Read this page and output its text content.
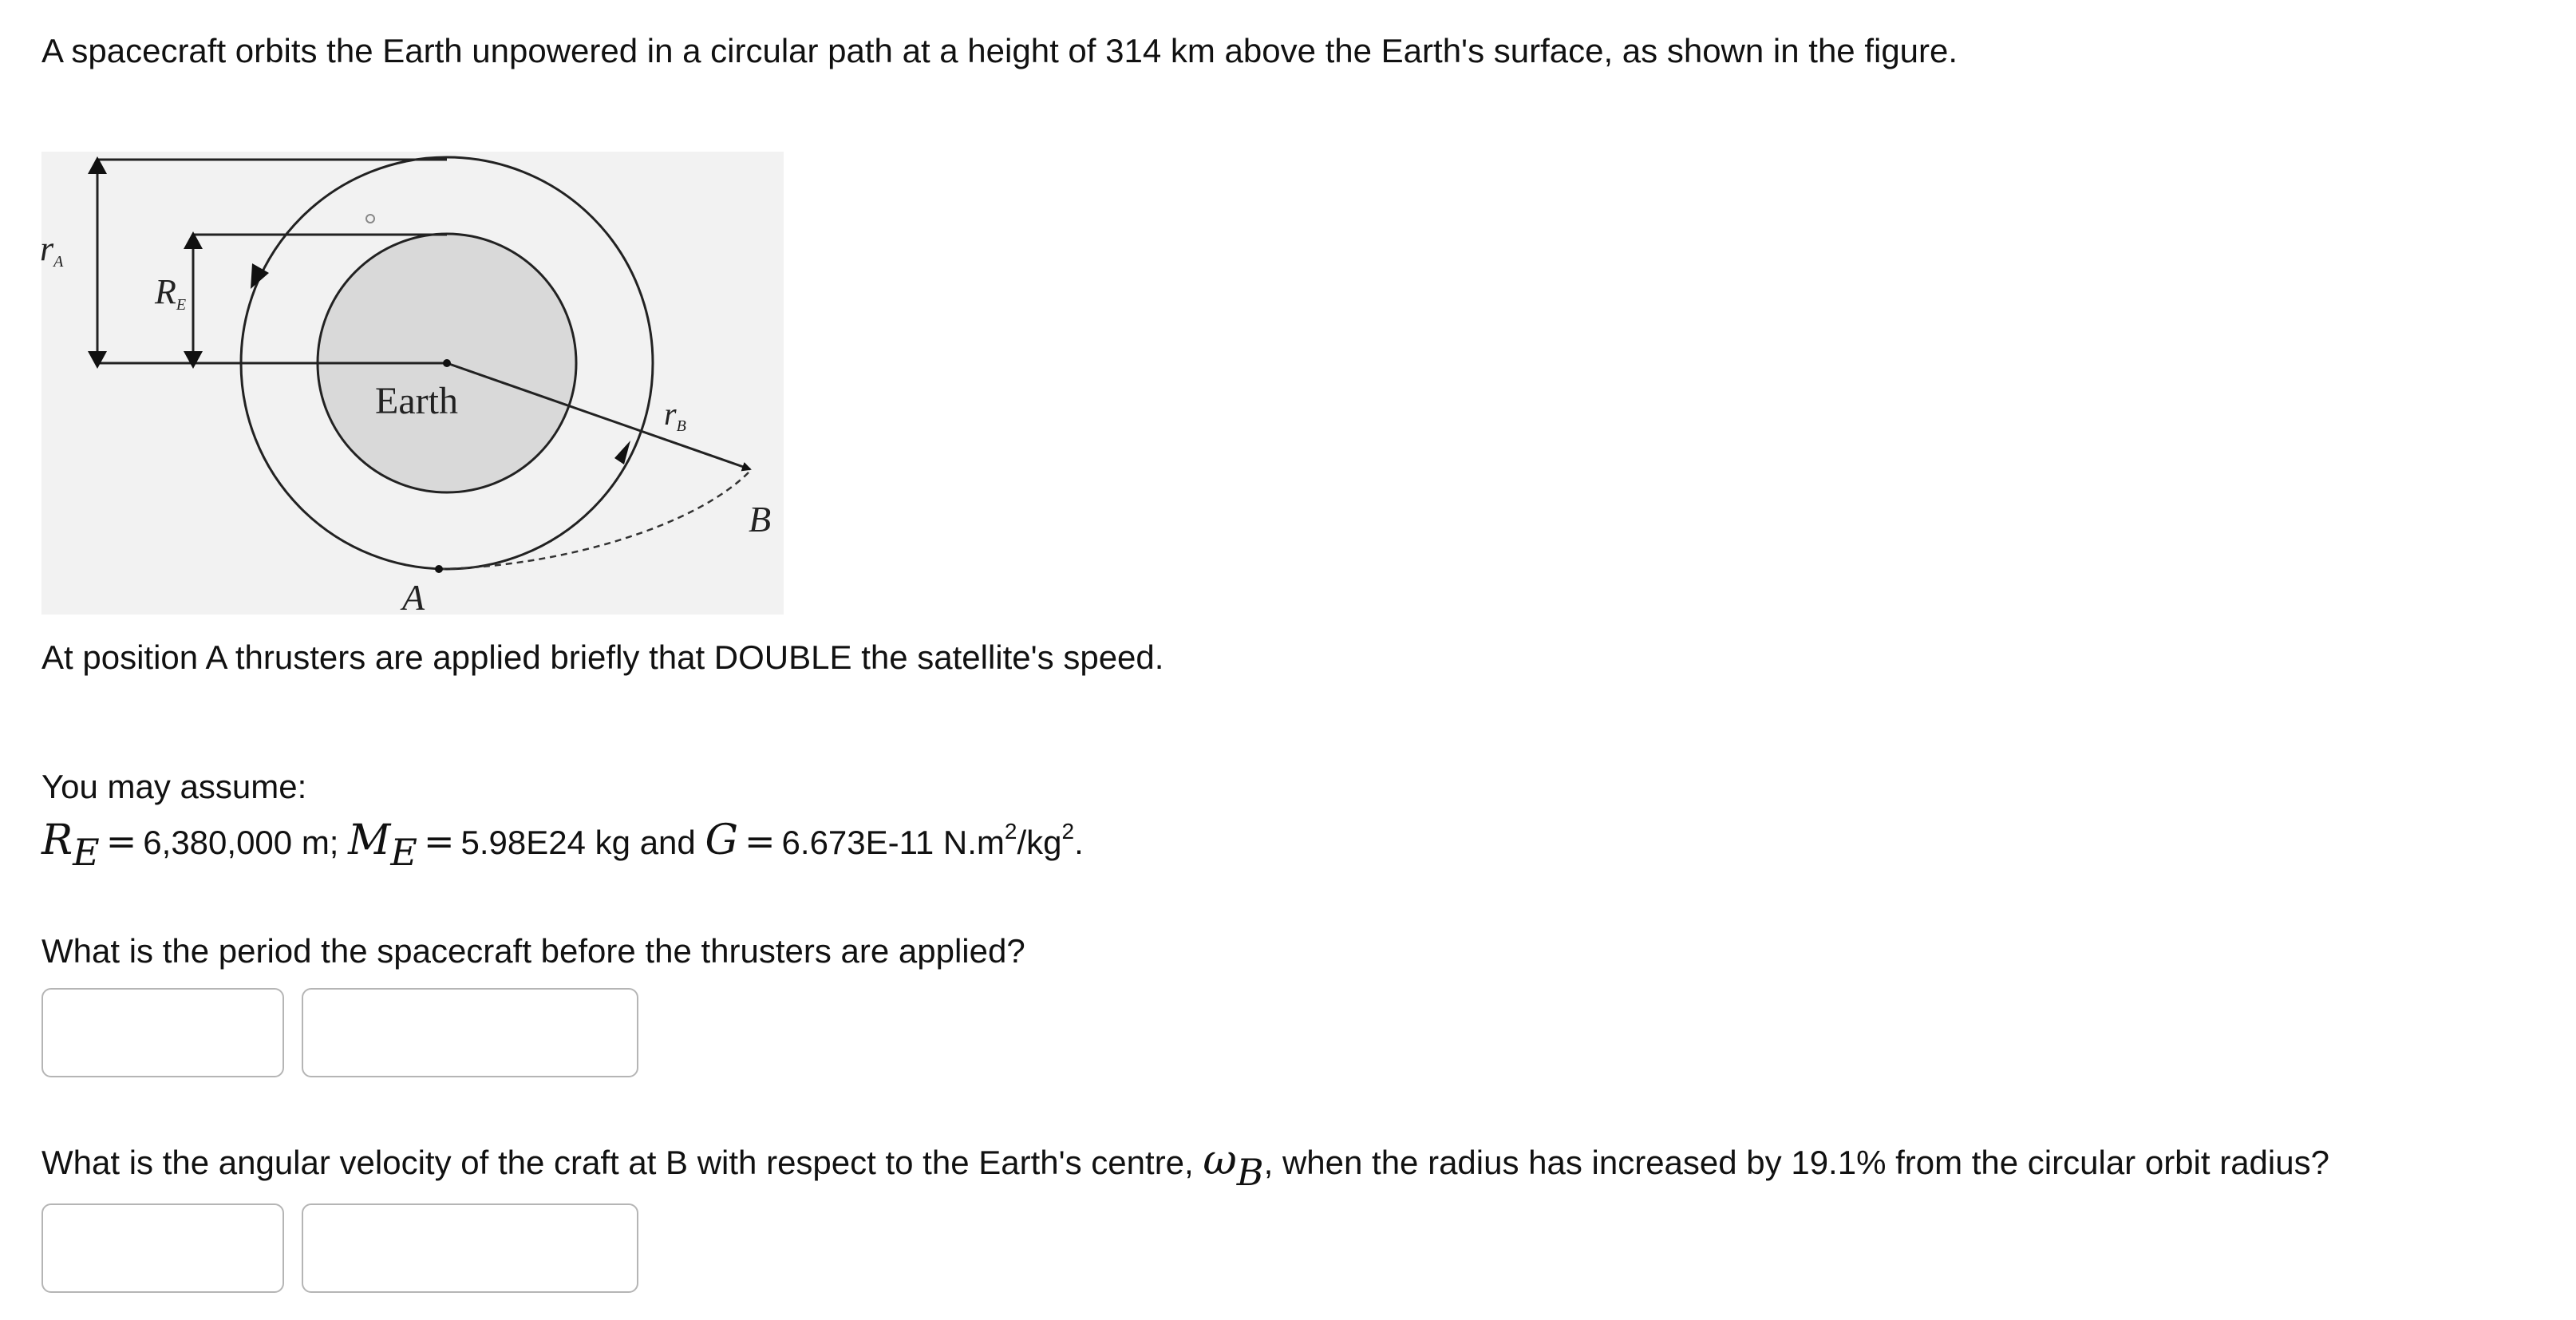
A spacecraft orbits the Earth unpowered in a circular path at a height of 314 km above the Earth's surface, as shown in the figure.
rA
RE
Earth	$r_B$
B
A
At position A thrusters are applied briefly that DOUBLE the satellite's speed.
You may assume:
RE = 6,380,000 m; ME = 5.98E24 kg and G = 6.673E-11 $N.m^2/kg^2$.
What is the period the spacecraft before the thrusters are applied?
What is the angular velocity of the craft at B with respect to the Earth's centre, ωB, when the radius has increased by 19.1% from the circular orbit radius?
